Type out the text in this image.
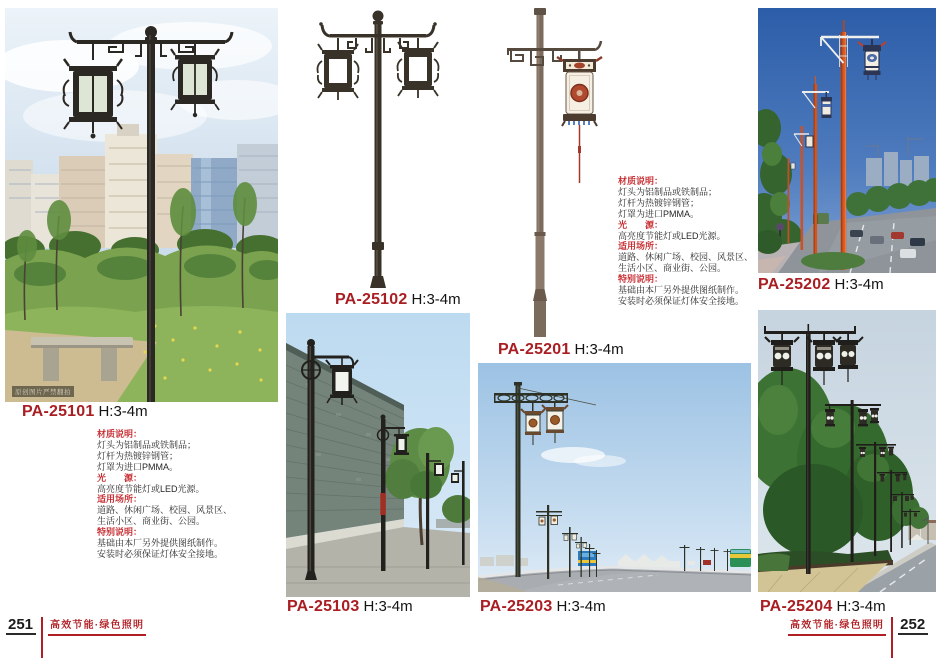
原创图片严禁翻拍
PA-25101 H:3-4m
材质说明：
灯头为铝制品或铁制品；
灯杆为热镀锌钢管；
灯罩为进口PMMA。
光　　源：
高亮度节能灯或LED光源。
适用场所：
道路、休闲广场、校园、风景区、
生活小区、商业街、公园。
特别说明：
基础由本厂另外提供图纸制作。
安装时必须保证灯体安全接地。
PA-25102 H:3-4m
PA-25103 H:3-4m
251	高效节能·绿色照明
PA-25201 H:3-4m
材质说明：
灯头为铝制品或铁制品；
灯杆为热镀锌钢管；
灯罩为进口PMMA。
光　　源：
高亮度节能灯或LED光源。
适用场所：
道路、休闲广场、校园、风景区、
生活小区、商业街、公园。
特别说明：
基础由本厂另外提供图纸制作。
安装时必须保证灯体安全接地。
PA-25202 H:3-4m
PA-25203 H:3-4m	PA-25204 H:3-4m
高效节能·绿色照明 252
